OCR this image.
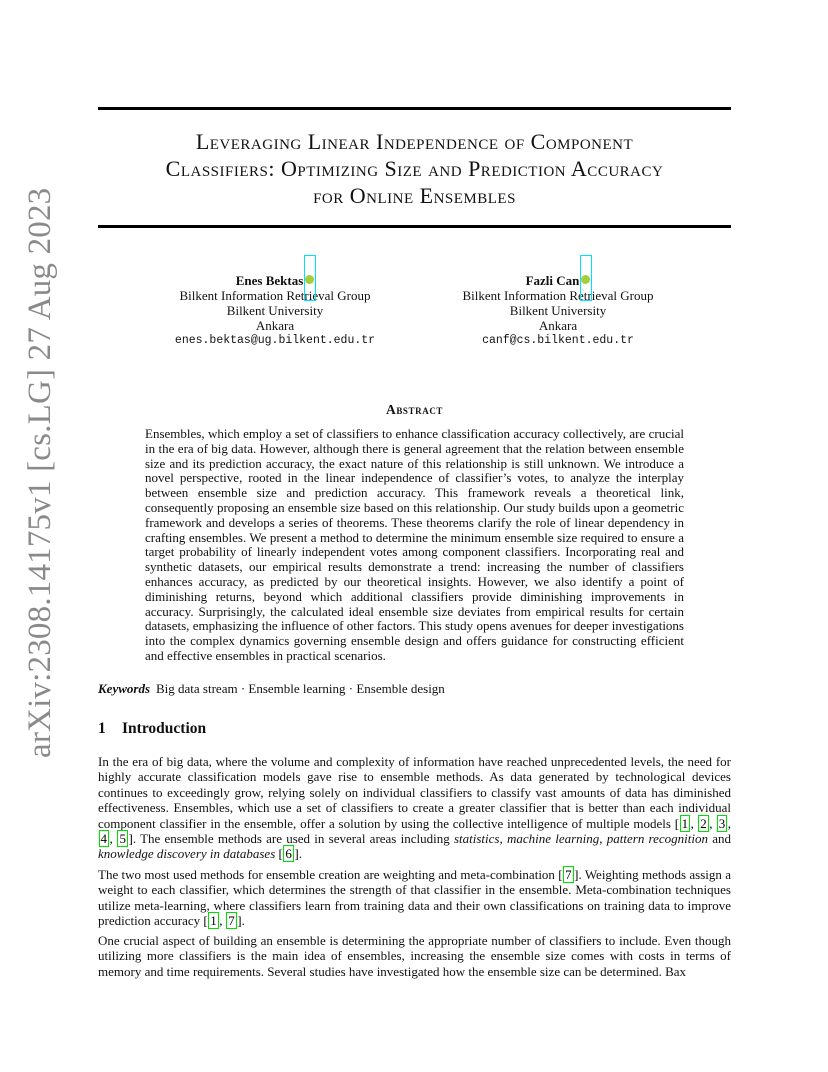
arXiv:2308.14175v1 [cs.LG] 27 Aug 2023
Leveraging Linear Independence of Component
Classifiers: Optimizing Size and Prediction Accuracy
for Online Ensembles
Enes Bektas
Bilkent Information Retrieval Group
Bilkent University
Ankara
enes.bektas@ug.bilkent.edu.tr
Fazli Can
Bilkent Information Retrieval Group
Bilkent University
Ankara
canf@cs.bilkent.edu.tr
Abstract
Ensembles, which employ a set of classifiers to enhance classification accuracy collectively, are crucial in the era of big data. However, although there is general agreement that the relation between ensemble size and its prediction accuracy, the exact nature of this relationship is still unknown. We introduce a novel perspective, rooted in the linear independence of classifier’s votes, to analyze the interplay between ensemble size and prediction accuracy. This framework reveals a theoretical link, consequently proposing an ensemble size based on this relationship. Our study builds upon a geometric framework and develops a series of theorems. These theorems clarify the role of linear dependency in crafting ensembles. We present a method to determine the minimum ensemble size required to ensure a target probability of linearly independent votes among component classifiers. Incorporating real and synthetic datasets, our empirical results demonstrate a trend: increasing the number of classifiers enhances accuracy, as predicted by our theoretical insights. However, we also identify a point of diminishing returns, beyond which additional classifiers provide diminishing improvements in accuracy. Surprisingly, the calculated ideal ensemble size deviates from empirical results for certain datasets, emphasizing the influence of other factors. This study opens avenues for deeper investigations into the complex dynamics governing ensemble design and offers guidance for constructing efficient and effective ensembles in practical scenarios.
Keywords Big data stream · Ensemble learning · Ensemble design
1 Introduction
In the era of big data, where the volume and complexity of information have reached unprecedented levels, the need for highly accurate classification models gave rise to ensemble methods. As data generated by technological devices continues to exceedingly grow, relying solely on individual classifiers to classify vast amounts of data has diminished effectiveness. Ensembles, which use a set of classifiers to create a greater classifier that is better than each individual component classifier in the ensemble, offer a solution by using the collective intelligence of multiple models [ 1 , 2 , 3 , 4 , 5 ]. The ensemble methods are used in several areas including statistics, machine learning, pattern recognition and knowledge discovery in databases [ 6 ].
The two most used methods for ensemble creation are weighting and meta-combination [ 7 ]. Weighting methods assign a weight to each classifier, which determines the strength of that classifier in the ensemble. Meta-combination techniques utilize meta-learning, where classifiers learn from training data and their own classifications on training data to improve prediction accuracy [ 1 , 7 ].
One crucial aspect of building an ensemble is determining the appropriate number of classifiers to include. Even though utilizing more classifiers is the main idea of ensembles, increasing the ensemble size comes with costs in terms of memory and time requirements. Several studies have investigated how the ensemble size can be determined. Bax
